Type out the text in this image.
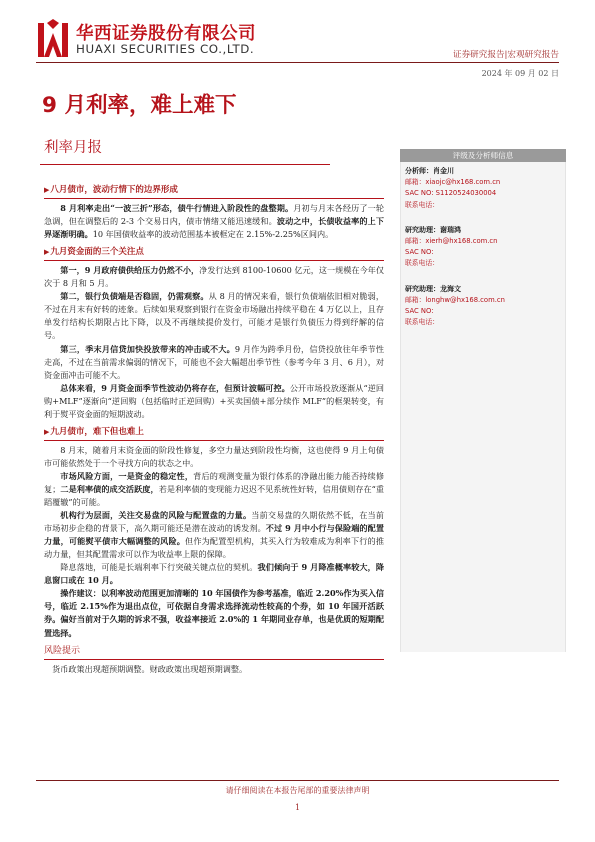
华西证券股份有限公司
HUAXI SECURITIES CO.,LTD.	证券研究报告|宏观研究报告
2024 年 09 月 02 日
9 月利率，难上难下
利率月报
▶八月债市，波动行情下的边界形成

8 月利率走出“一波三折”形态，债牛行情进入阶段性的盘整期。月初与月末各经历了一轮急调，但在调整后的 2-3 个交易日内，债市情绪又能迅速缓和。波动之中，长债收益率的上下界逐渐明确。10 年国债收益率的波动范围基本被框定在 2.15%-2.25%区间内。

▶九月资金面的三个关注点

第一，9 月政府债供给压力仍然不小，净发行达到 8100-10600 亿元，这一规模在今年仅次于 8 月和 5 月。

第二，银行负债端是否稳固，仍需观察。从 8 月的情况来看，银行负债端依旧相对脆弱，不过在月末有好转的迹象。后续如果观察到银行在资金市场融出持续平稳在 4 万亿以上，且存单发行结构长期限占比下降，以及不再继续提价发行，可能才是银行负债压力得到纾解的信号。

第三，季末月信贷加快投放带来的冲击或不大。9 月作为跨季月份，信贷投放往年季节性走高，不过在当前需求偏弱的情况下，可能也不会大幅超出季节性（参考今年 3 月、6 月），对资金面冲击可能不大。

总体来看，9 月资金面季节性波动仍将存在，但预计波幅可控。公开市场投放逐渐从“逆回购+MLF”逐渐向“逆回购（包括临时正逆回购）+买卖国债+部分续作 MLF”的框架转变，有利于熨平资金面的短期波动。

▶九月债市，难下但也难上

8 月末，随着月末资金面的阶段性修复，多空力量达到阶段性均衡，这也使得 9 月上旬债市可能依然处于一个寻找方向的状态之中。

市场风险方面，一是资金的稳定性，背后的观测变量为银行体系的净融出能力能否持续修复；二是利率债的成交活跃度，若是利率债的变现能力迟迟不见系统性好转，信用债则存在“重蹈覆辙”的可能。

机构行为层面，关注交易盘的风险与配置盘的力量。当前交易盘的久期依然不低，在当前市场初步企稳的背景下，高久期可能还是潜在波动的诱发剂。不过 9 月中小行与保险端的配置力量，可能熨平债市大幅调整的风险。但作为配置型机构，其买入行为较难成为利率下行的推动力量，但其配置需求可以作为收益率上限的保障。

降息落地，可能是长端利率下行突破关键点位的契机。我们倾向于 9 月降准概率较大，降息窗口或在 10 月。

操作建议：以利率波动范围更加清晰的 10 年国债作为参考基准，临近 2.20%作为买入信号，临近 2.15%作为退出点位，可依据自身需求选择流动性较高的个券，如 10 年国开活跃券。偏好当前对于久期的诉求不强，收益率接近 2.0%的 1 年期同业存单，也是优质的短期配置选择。

风险提示

货币政策出现超预期调整。财政政策出现超预期调整。

评级及分析师信息
分析师：肖金川
邮箱：xiaojc@hx168.com.cn
SAC NO: S1120524030004
联系电话：
研究助理：谢瑞鸿
邮箱：xierh@hx168.com.cn
SAC NO:
联系电话：
研究助理：龙海文
邮箱：longhw@hx168.com.cn
SAC NO:
联系电话：
请仔细阅读在本报告尾部的重要法律声明
1
